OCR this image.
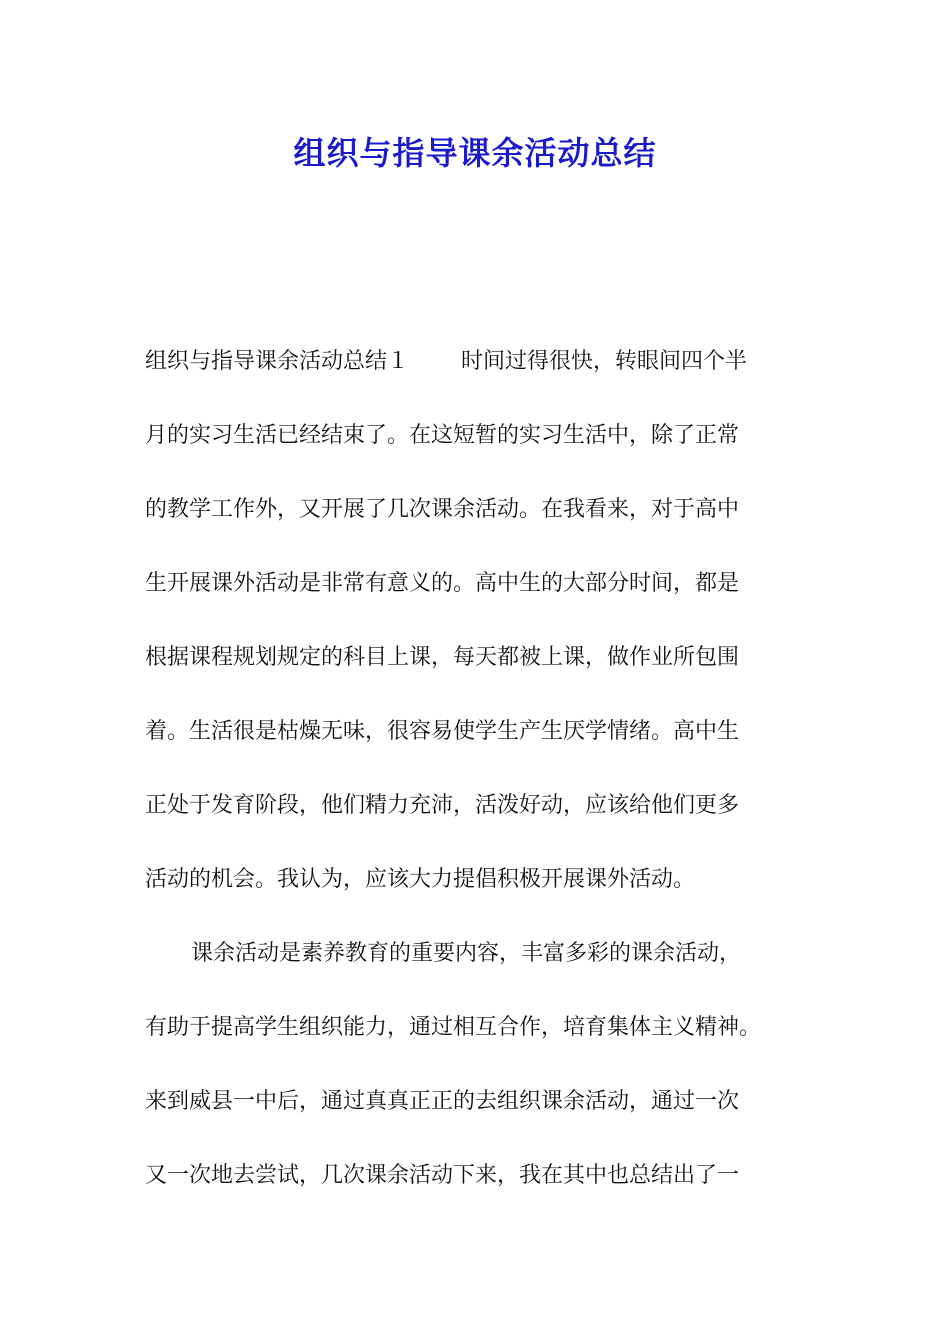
组织与指导课余活动总结
组织与指导课余活动总结１ 时间过得很快，转眼间四个半
月的实习生活已经结束了。在这短暂的实习生活中，除了正常
的教学工作外，又开展了几次课余活动。在我看来，对于高中
生开展课外活动是非常有意义的。高中生的大部分时间，都是
根据课程规划规定的科目上课，每天都被上课，做作业所包围
着。生活很是枯燥无味，很容易使学生产生厌学情绪。高中生
正处于发育阶段，他们精力充沛，活泼好动，应该给他们更多
活动的机会。我认为，应该大力提倡积极开展课外活动。
课余活动是素养教育的重要内容，丰富多彩的课余活动，
有助于提高学生组织能力，通过相互合作，培育集体主义精神。
来到威县一中后，通过真真正正的去组织课余活动，通过一次
又一次地去尝试，几次课余活动下来，我在其中也总结出了一
